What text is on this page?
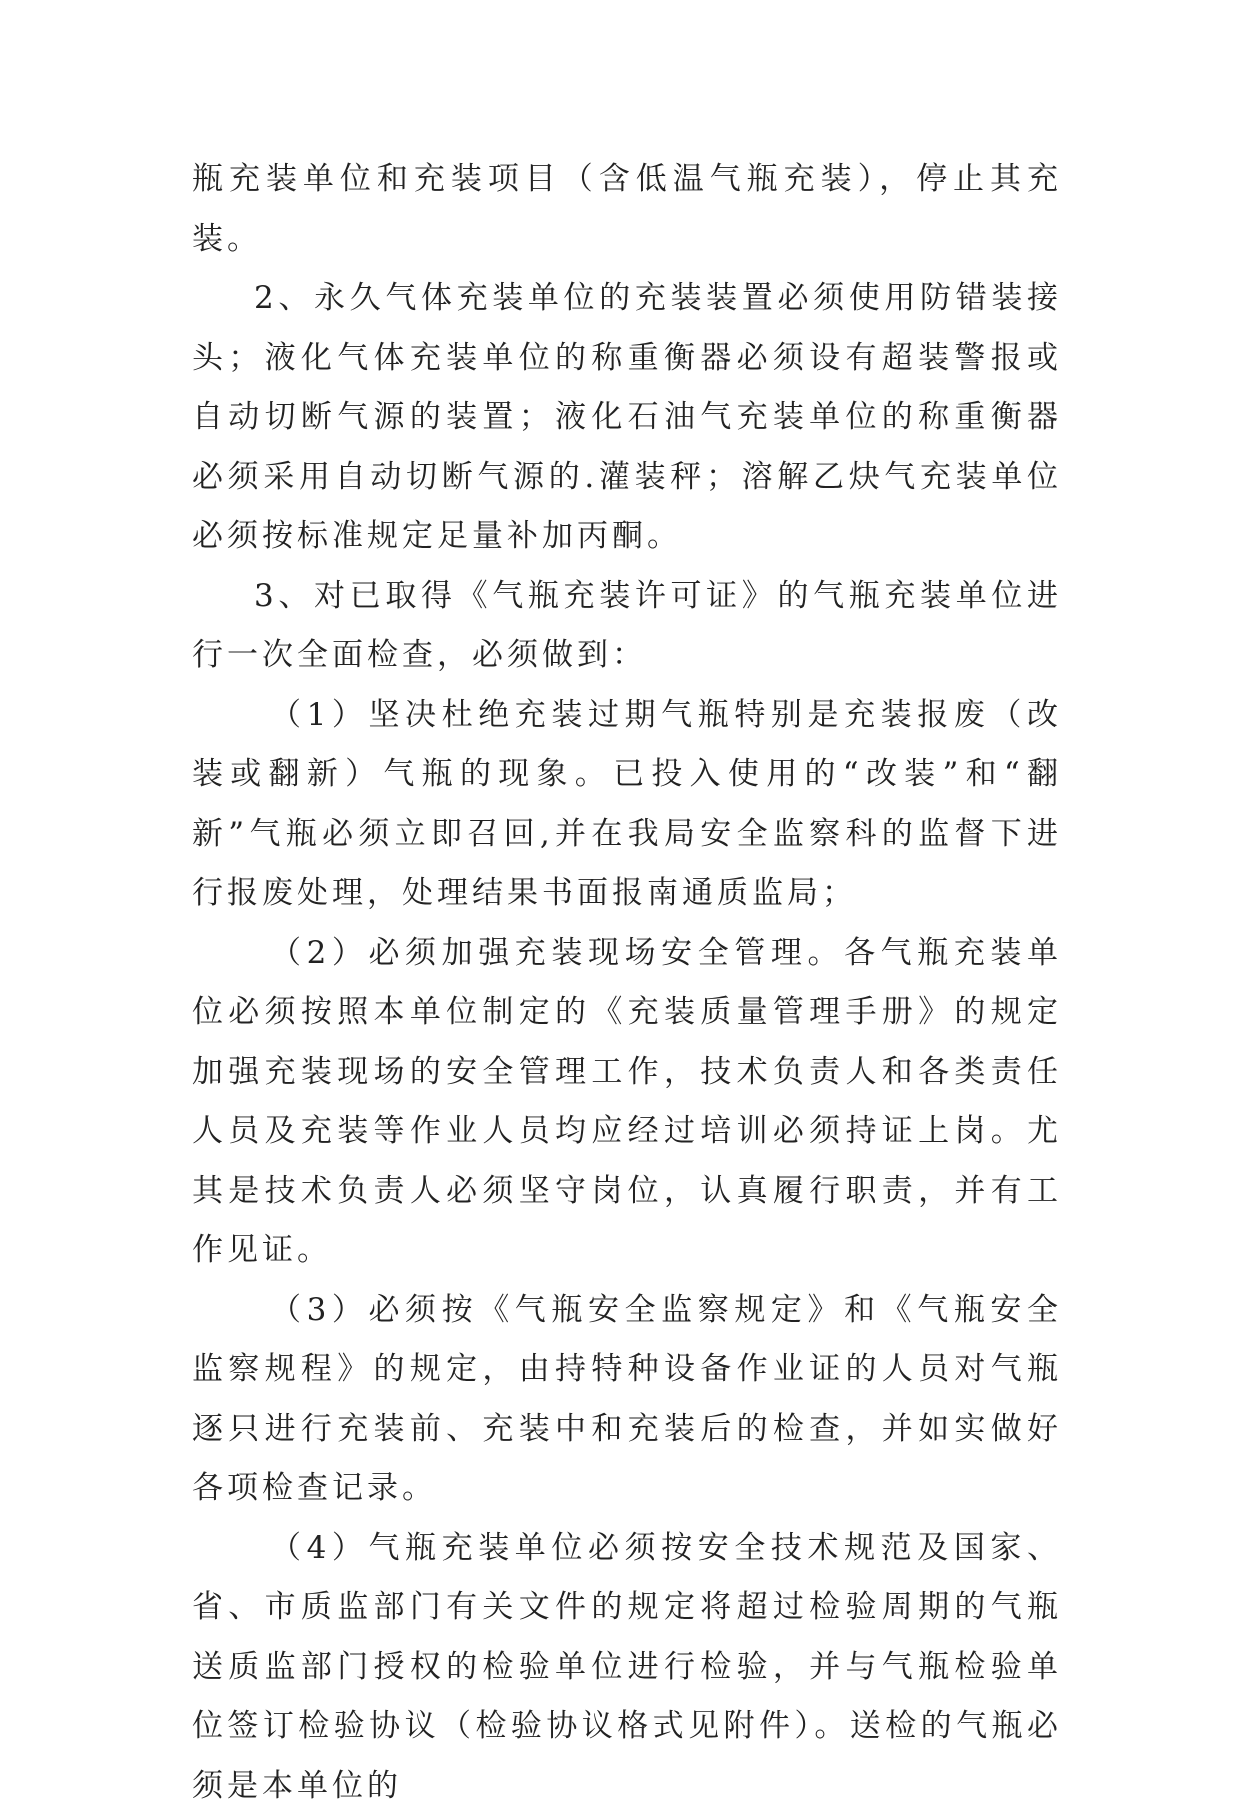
瓶充装单位和充装项目（含低温气瓶充装），停止其充装。

2、永久气体充装单位的充装装置必须使用防错装接头；液化气体充装单位的称重衡器必须设有超装警报或自动切断气源的装置；液化石油气充装单位的称重衡器必须采用自动切断气源的.灌装秤；溶解乙炔气充装单位必须按标准规定足量补加丙酮。

3、对已取得《气瓶充装许可证》的气瓶充装单位进行一次全面检查，必须做到：

（1）坚决杜绝充装过期气瓶特别是充装报废（改装或翻新）气瓶的现象。已投入使用的“改装”和“翻新”气瓶必须立即召回,并在我局安全监察科的监督下进行报废处理，处理结果书面报南通质监局；

（2）必须加强充装现场安全管理。各气瓶充装单位必须按照本单位制定的《充装质量管理手册》的规定加强充装现场的安全管理工作，技术负责人和各类责任人员及充装等作业人员均应经过培训必须持证上岗。尤其是技术负责人必须坚守岗位，认真履行职责，并有工作见证。

（3）必须按《气瓶安全监察规定》和《气瓶安全监察规程》的规定，由持特种设备作业证的人员对气瓶逐只进行充装前、充装中和充装后的检查，并如实做好各项检查记录。

（4）气瓶充装单位必须按安全技术规范及国家、省、市质监部门有关文件的规定将超过检验周期的气瓶送质监部门授权的检验单位进行检验，并与气瓶检验单位签订检验协议（检验协议格式见附件）。送检的气瓶必须是本单位的
